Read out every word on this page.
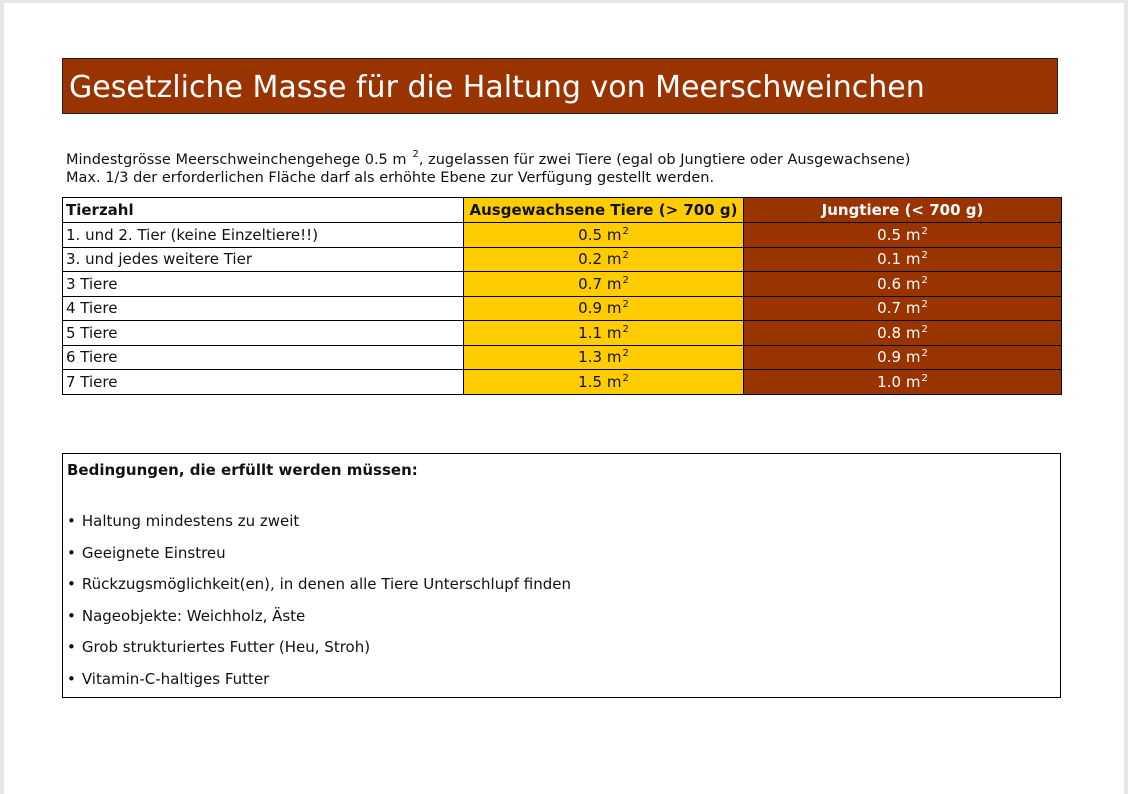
Gesetzliche Masse für die Haltung von Meerschweinchen
Mindestgrösse Meerschweinchengehege 0.5 m $^2$, zugelassen für zwei Tiere (egal ob Jungtiere oder Ausgewachsene)
Max. 1/3 der erforderlichen Fläche darf als erhöhte Ebene zur Verfügung gestellt werden.
Tierzahl	Ausgewachsene Tiere (> 700 g)	Jungtiere (< 700 g)
1. und 2. Tier (keine Einzeltiere!!)	0.5 $m^2$	0.5 $m^2$
3. und jedes weitere Tier	0.2 $m^2$	0.1 $m^2$
3 Tiere	0.7 $m^2$	0.6 $m^2$
4 Tiere	0.9 $m^2$	0.7 $m^2$
5 Tiere	1.1 $m^2$	0.8 $m^2$
6 Tiere	1.3 $m^2$	0.9 $m^2$
7 Tiere	1.5 $m^2$	1.0 $m^2$
Bedingungen, die erfüllt werden müssen:
• Haltung mindestens zu zweit
• Geeignete Einstreu
• Rückzugsmöglichkeit(en), in denen alle Tiere Unterschlupf finden
• Nageobjekte: Weichholz, Äste
• Grob strukturiertes Futter (Heu, Stroh)
• Vitamin-C-haltiges Futter
